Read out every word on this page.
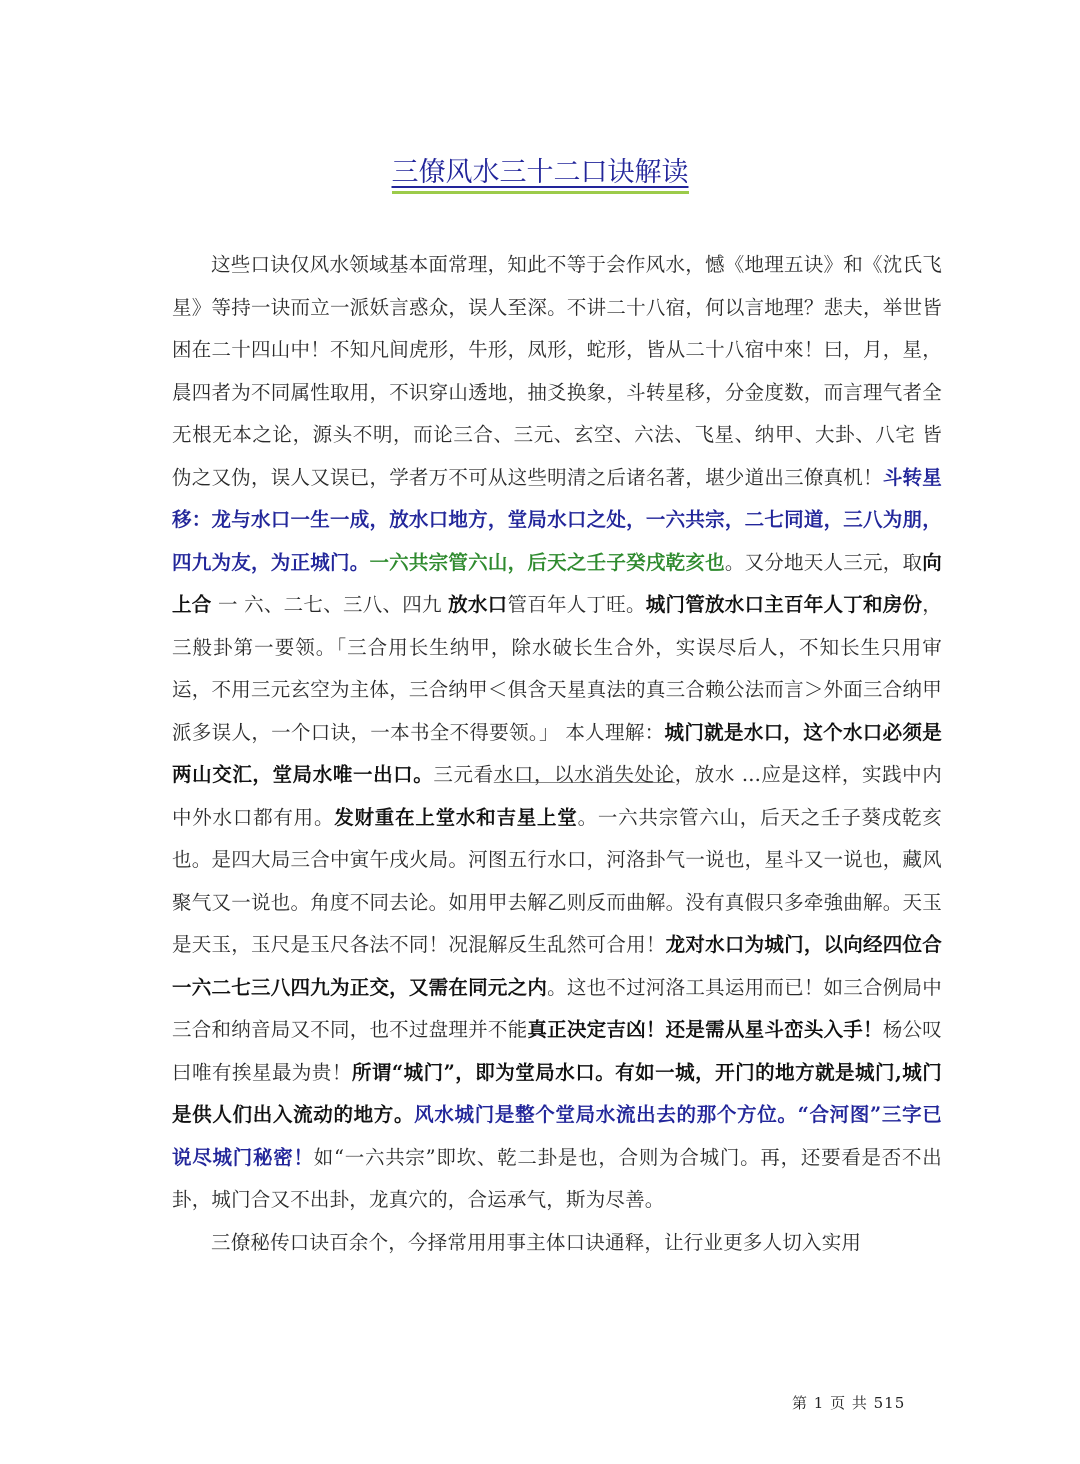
三僚风水三十二口诀解读

这些口诀仅风水领域基本面常理，知此不等于会作风水，憾《地理五诀》和《沈氏飞星》等持一诀而立一派妖言惑众，误人至深。不讲二十八宿，何以言地理？悲夫，举世皆困在二十四山中！不知凡间虎形，牛形，凤形，蛇形，皆从二十八宿中來！曰，月，星，晨四者为不同属性取用，不识穿山透地，抽爻换象，斗转星移，分金度数，而言理气者全无根无本之论，源头不明，而论三合、三元、玄空、六法、飞星、纳甲、大卦、八宅 皆伪之又伪，误人又误已，学者万不可从这些明清之后诸名著，堪少道出三僚真机！斗转星移：龙与水口一生一成，放水口地方，堂局水口之处，一六共宗，二七同道，三八为朋，四九为友，为正城门。一六共宗管六山，后天之壬子癸戌乾亥也。又分地天人三元，取向上合 一 六、二七、三八、四九 放水口管百年人丁旺。城门管放水口主百年人丁和房份，三般卦第一要领。「三合用长生纳甲，除水破长生合外，实误尽后人，不知长生只用审运，不用三元玄空为主体，三合纳甲＜俱含天星真法的真三合赖公法而言＞外面三合纳甲派多误人，一个口诀，一本书全不得要领。」 本人理解：城门就是水口，这个水口必须是两山交汇，堂局水唯一出口。三元看水口，以水消失处论，放水 ...应是这样，实践中内中外水口都有用。发财重在上堂水和吉星上堂。一六共宗管六山，后天之壬子葵戌乾亥也。是四大局三合中寅午戌火局。河图五行水口，河洛卦气一说也，星斗又一说也，藏风聚气又一说也。角度不同去论。如用甲去解乙则反而曲解。没有真假只多牵強曲解。天玉是天玉，玉尺是玉尺各法不同！况混解反生乱然可合用！龙对水口为城门，以向经四位合一六二七三八四九为正交，又需在同元之内。这也不过河洛工具运用而已！如三合例局中三合和纳音局又不同，也不过盘理并不能真正决定吉凶！还是需从星斗峦头入手！杨公叹曰唯有挨星最为贵！所谓“城门”，即为堂局水口。有如一城，开门的地方就是城门,城门是供人们出入流动的地方。风水城门是整个堂局水流出去的那个方位。“合河图”三字已说尽城门秘密！如“一六共宗”即坎、乾二卦是也，合则为合城门。再，还要看是否不出卦，城门合又不出卦，龙真穴的，合运承气，斯为尽善。

三僚秘传口诀百余个，今择常用用事主体口诀通释，让行业更多人切入实用

第 1 页 共 515
